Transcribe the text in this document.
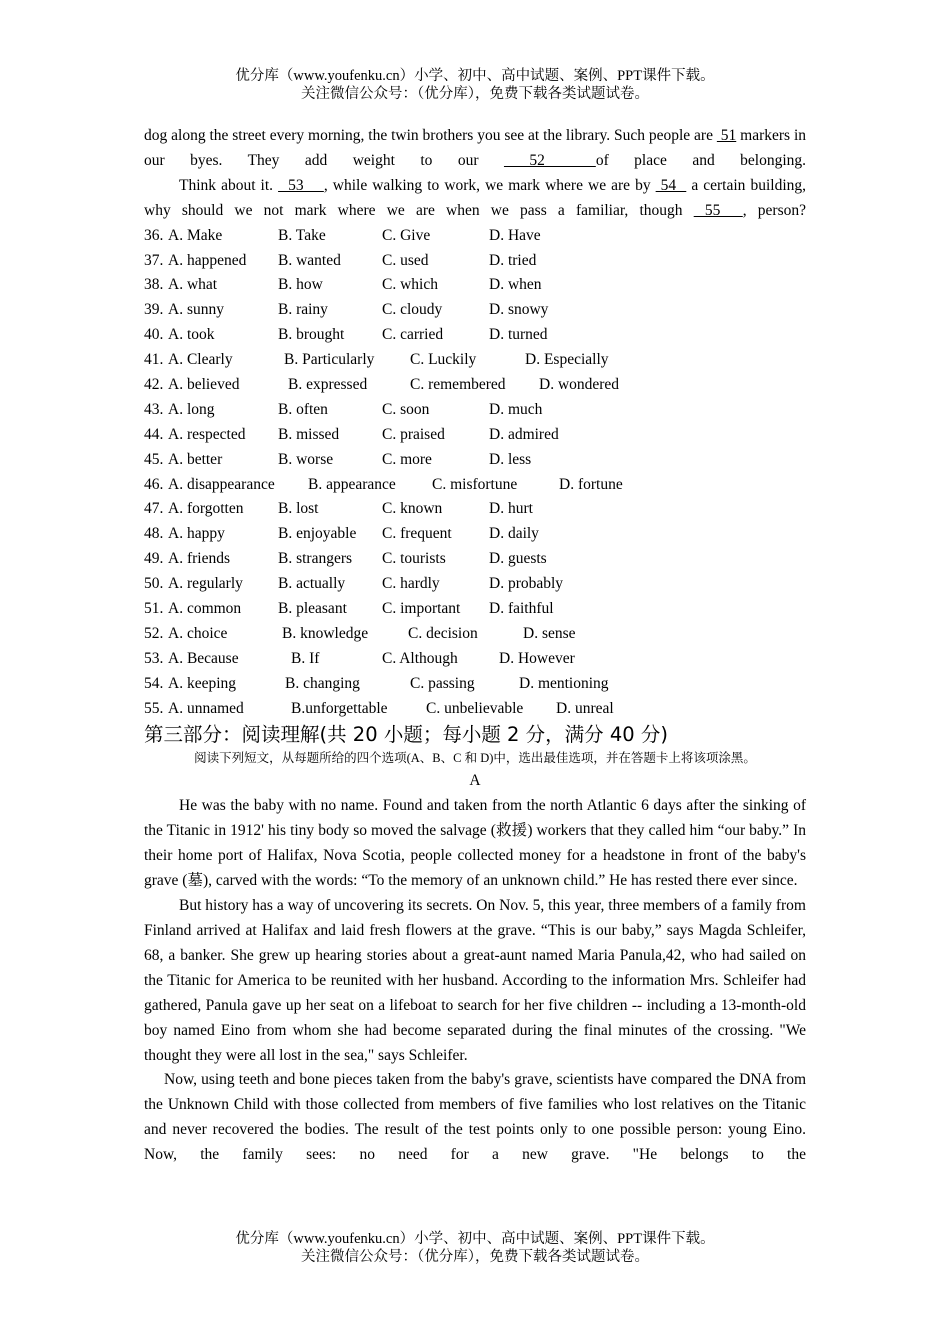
优分库（www.youfenku.cn）小学、初中、高中试题、案例、PPT课件下载。
关注微信公众号：（优分库），免费下载各类试题试卷。

dog along the street every morning, the twin brothers you see at the library. Such people are  51 markers in our byes. They add weight to our  52  of place and belonging.

Think about it.   53    , while walking to work, we mark where we are by  54   a certain building, why should we not mark where we are when we pass a familiar, though  55  , person?

36. A. Make	B. Take	C. Give	D. Have
37. A. happened B. wanted	C. used	D. tried
38. A. what	B. how	C. which	D. when
39. A. sunny	B. rainy	C. cloudy	D. snowy
40. A. took	B. brought C. carried	D. turned
41. A. Clearly	B. Particularly C. Luckily	D. Especially
42. A. believed	B. expressed	C. remembered D. wondered
43. A. long	B. often	C. soon	D. much
44. A. respected B. missed	C. praised	D. admired
45. A. better	B. worse	C. more	D. less
46. A. disappearance B. appearance C. misfortune	D. fortune
47. A. forgotten B. lost	C. known	D. hurt
48. A. happy	B. enjoyable C. frequent D. daily
49. A. friends	B. strangers C. tourists	D. guests
50. A. regularly B. actually C. hardly	D. probably
51. A. common B. pleasant C. important D. faithful
52. A. choice	B. knowledge	C. decision	D. sense
53. A. Because	B. If	C. Although	D. However
54. A. keeping	B. changing	C. passing	D. mentioning
55. A. unnamed	B.unforgettable C. unbelievable D. unreal
第三部分：阅读理解(共 20 小题；每小题 2 分，满分 40 分)

阅读下列短文，从每题所给的四个选项(A、B、C 和 D)中，选出最佳选项，并在答题卡上将该项涂黑。

A

He was the baby with no name. Found and taken from the north Atlantic 6 days after the sinking of the Titanic in 1912' his tiny body so moved the salvage (救援) workers that they called him “our baby.” In their home port of Halifax, Nova Scotia, people collected money for a headstone in front of the baby's grave (墓), carved with the words: “To the memory of an unknown child.” He has rested there ever since.

But history has a way of uncovering its secrets. On Nov. 5, this year, three members of a family from Finland arrived at Halifax and laid fresh flowers at the grave. “This is our baby,” says Magda Schleifer, 68, a banker. She grew up hearing stories about a great-aunt named Maria Panula,42, who had sailed on the Titanic for America to be reunited with her husband. According to the information Mrs. Schleifer had gathered, Panula gave up her seat on a lifeboat to search for her five children -- including a 13-month-old boy named Eino from whom she had become separated during the final minutes of the crossing. "We thought they were all lost in the sea," says Schleifer.

Now, using teeth and bone pieces taken from the baby's grave, scientists have compared the DNA from the Unknown Child with those collected from members of five families who lost relatives on the Titanic and never recovered the bodies. The result of the test points only to one possible person: young Eino. Now, the family sees: no need for a new grave. "He belongs to the

优分库（www.youfenku.cn）小学、初中、高中试题、案例、PPT课件下载。
关注微信公众号：（优分库），免费下载各类试题试卷。
